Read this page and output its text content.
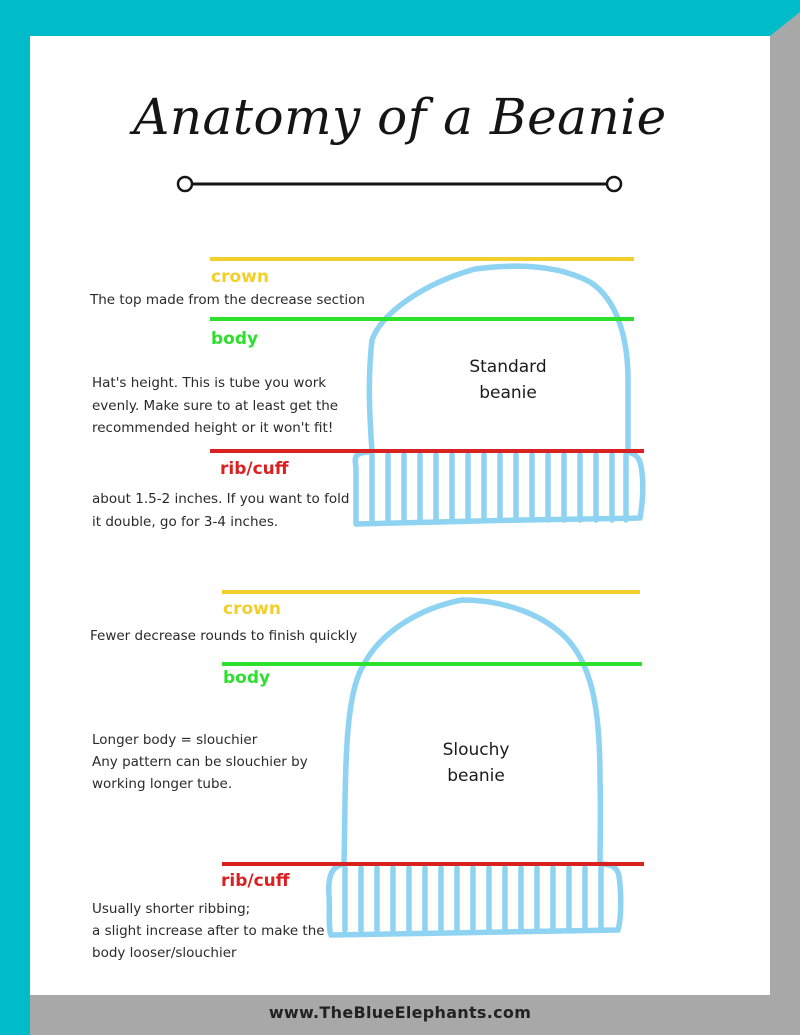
Anatomy of a Beanie
crown
The top made from the decrease section
body
Hat's height. This is tube you work
evenly. Make sure to at least get the
recommended height or it won't fit!
rib/cuff
about 1.5-2 inches. If you want to fold
it double, go for 3-4 inches.
Standard
beanie
crown
Fewer decrease rounds to finish quickly
body
Longer body = slouchier
Any pattern can be slouchier by
working longer tube.
rib/cuff
Usually shorter ribbing;
a slight increase after to make the
body looser/slouchier
Slouchy
beanie
www.TheBlueElephants.com
